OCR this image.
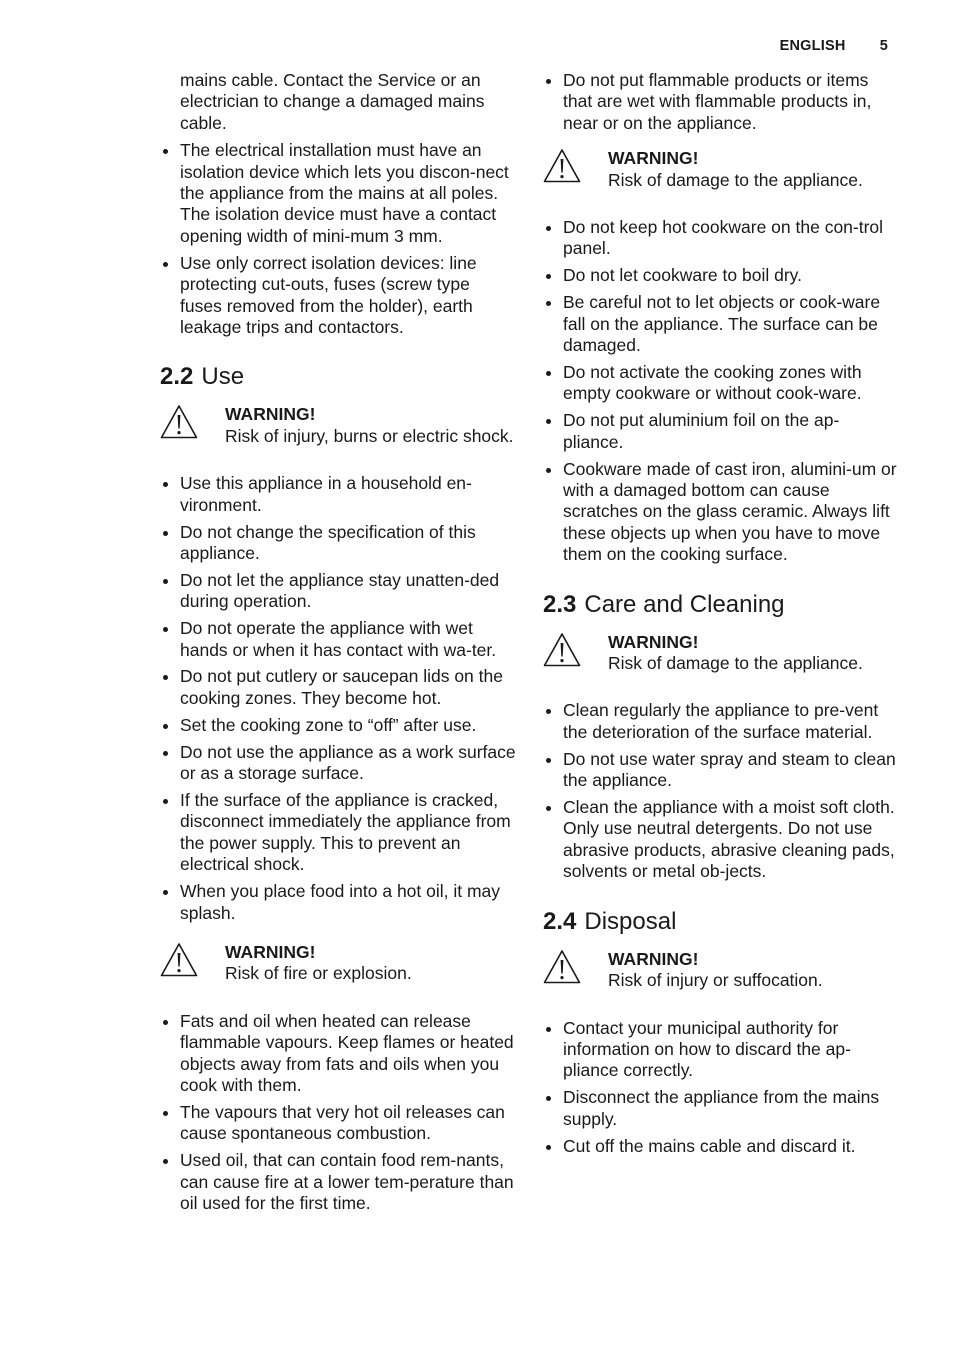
ENGLISH 5

mains cable. Contact the Service or an electrician to change a damaged mains cable.

The electrical installation must have an isolation device which lets you discon-nect the appliance from the mains at all poles. The isolation device must have a contact opening width of mini-mum 3 mm.
Use only correct isolation devices: line protecting cut-outs, fuses (screw type fuses removed from the holder), earth leakage trips and contactors.
2.2 Use
WARNING!
Risk of injury, burns or electric shock.
Use this appliance in a household en-vironment.
Do not change the specification of this appliance.
Do not let the appliance stay unatten-ded during operation.
Do not operate the appliance with wet hands or when it has contact with wa-ter.
Do not put cutlery or saucepan lids on the cooking zones. They become hot.
Set the cooking zone to “off” after use.
Do not use the appliance as a work surface or as a storage surface.
If the surface of the appliance is cracked, disconnect immediately the appliance from the power supply. This to prevent an electrical shock.
When you place food into a hot oil, it may splash.
WARNING!
Risk of fire or explosion.
Fats and oil when heated can release flammable vapours. Keep flames or heated objects away from fats and oils when you cook with them.
The vapours that very hot oil releases can cause spontaneous combustion.
Used oil, that can contain food rem-nants, can cause fire at a lower tem-perature than oil used for the first time.
Do not put flammable products or items that are wet with flammable products in, near or on the appliance.
WARNING!
Risk of damage to the appliance.
Do not keep hot cookware on the con-trol panel.
Do not let cookware to boil dry.
Be careful not to let objects or cook-ware fall on the appliance. The surface can be damaged.
Do not activate the cooking zones with empty cookware or without cook-ware.
Do not put aluminium foil on the ap-pliance.
Cookware made of cast iron, alumini-um or with a damaged bottom can cause scratches on the glass ceramic. Always lift these objects up when you have to move them on the cooking surface.
2.3 Care and Cleaning
WARNING!
Risk of damage to the appliance.
Clean regularly the appliance to pre-vent the deterioration of the surface material.
Do not use water spray and steam to clean the appliance.
Clean the appliance with a moist soft cloth. Only use neutral detergents. Do not use abrasive products, abrasive cleaning pads, solvents or metal ob-jects.
2.4 Disposal
WARNING!
Risk of injury or suffocation.
Contact your municipal authority for information on how to discard the ap-pliance correctly.
Disconnect the appliance from the mains supply.
Cut off the mains cable and discard it.
